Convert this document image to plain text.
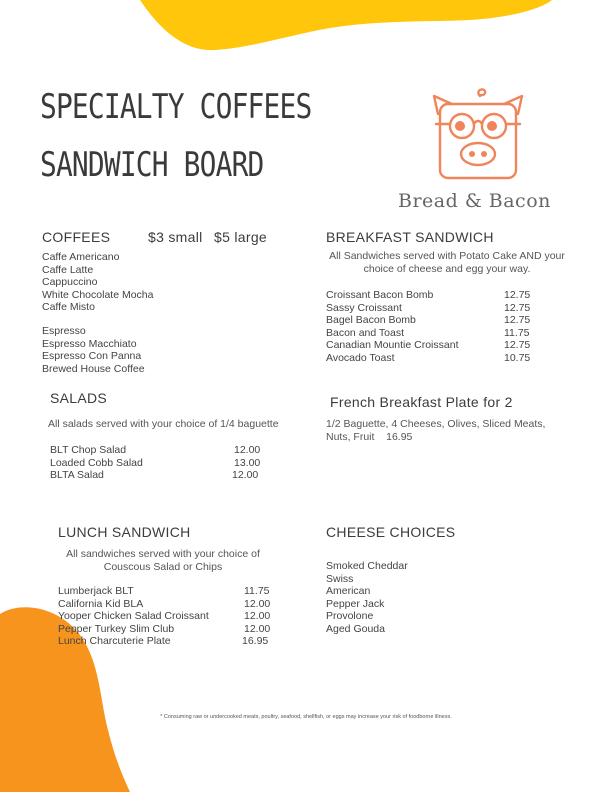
SPECIALTY COFFEES
SANDWICH BOARD
Bread & Bacon
COFFEES	$3 small $5 large
Caffe Americano
Caffe Latte
Cappuccino
White Chocolate Mocha
Caffe Misto
Espresso
Espresso Macchiato
Espresso Con Panna
Brewed House Coffee
SALADS
All salads served with your choice of 1/4 baguette
BLT Chop Salad	12.00
Loaded Cobb Salad	13.00
BLTA Salad	12.00
LUNCH SANDWICH
All sandwiches served with your choice of Couscous Salad or Chips
Lumberjack BLT	11.75
California Kid BLA	12.00
Yooper Chicken Salad Croissant	12.00
Pepper Turkey Slim Club	12.00
Lunch Charcuterie Plate	16.95
BREAKFAST SANDWICH
All Sandwiches served with Potato Cake AND your choice of cheese and egg your way.
Croissant Bacon Bomb	12.75
Sassy Croissant	12.75
Bagel Bacon Bomb	12.75
Bacon and Toast	11.75
Canadian Mountie Croissant	12.75
Avocado Toast	10.75
French Breakfast Plate for 2
1/2 Baguette, 4 Cheeses, Olives, Sliced Meats, Nuts, Fruit 16.95
CHEESE CHOICES
Smoked Cheddar
Swiss
American
Pepper Jack
Provolone
Aged Gouda
* Consuming raw or undercooked meats, poultry, seafood, shellfish, or eggs may increase your risk of foodborne illness.
